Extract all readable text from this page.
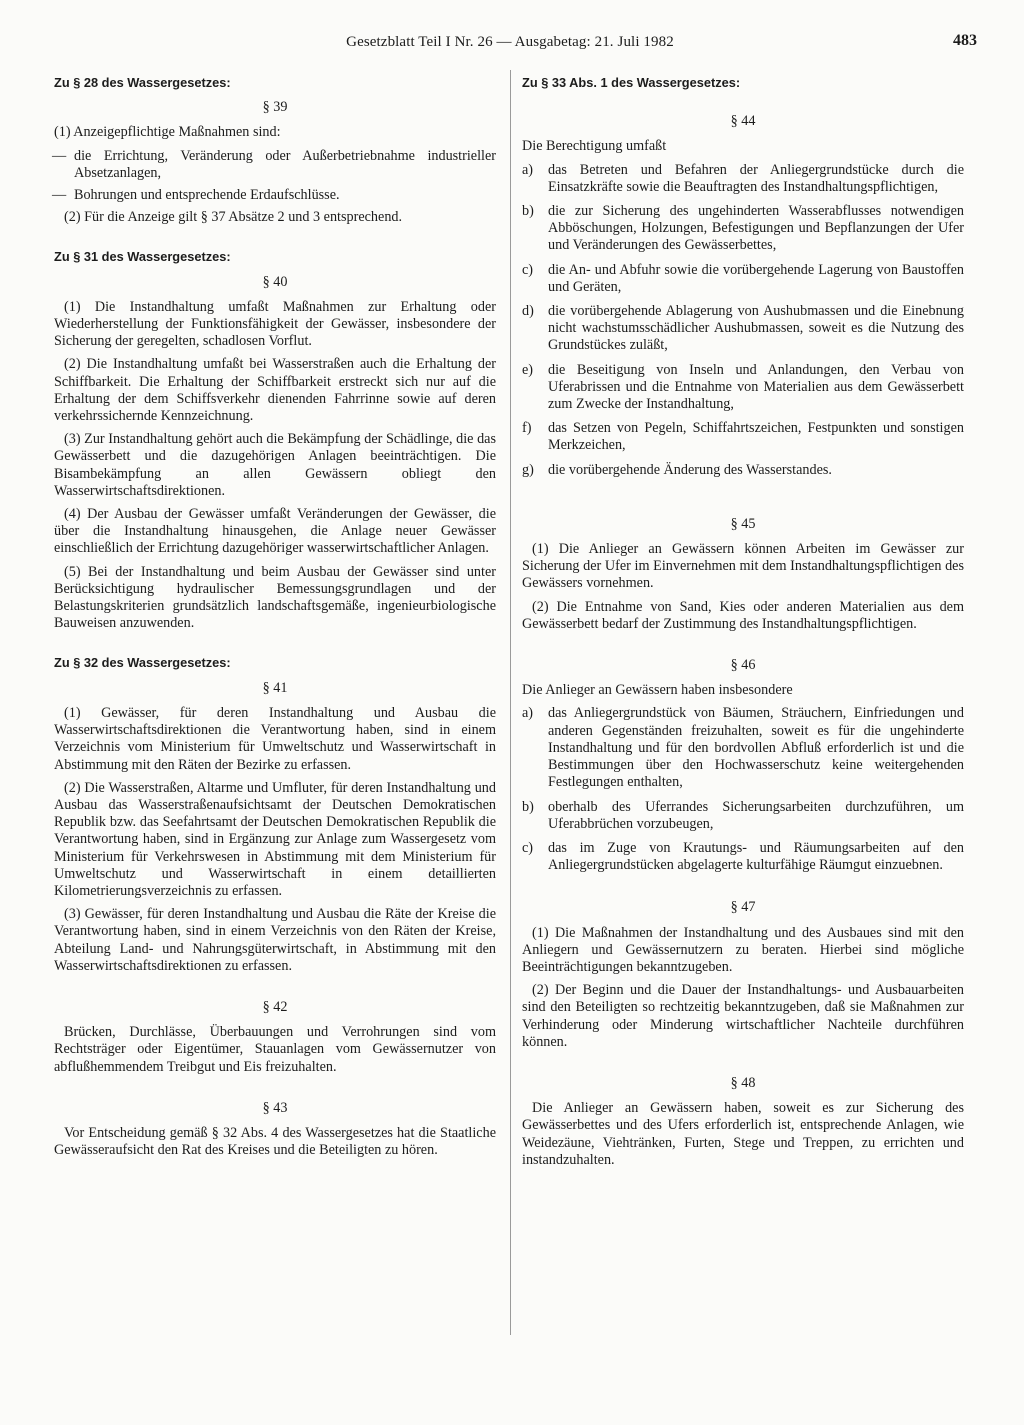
Gesetzblatt Teil I Nr. 26 — Ausgabetag: 21. Juli 1982	483
Zu § 28 des Wassergesetzes:
§ 39
(1) Anzeigepflichtige Maßnahmen sind:
— die Errichtung, Veränderung oder Außerbetriebnahme industrieller Absetzanlagen,
— Bohrungen und entsprechende Erdaufschlüsse.
(2) Für die Anzeige gilt § 37 Absätze 2 und 3 entsprechend.
Zu § 31 des Wassergesetzes:
§ 40
(1) Die Instandhaltung umfaßt Maßnahmen zur Erhaltung oder Wiederherstellung der Funktionsfähigkeit der Gewässer, insbesondere der Sicherung der geregelten, schadlosen Vorflut.
(2) Die Instandhaltung umfaßt bei Wasserstraßen auch die Erhaltung der Schiffbarkeit. Die Erhaltung der Schiffbarkeit erstreckt sich nur auf die Erhaltung der dem Schiffsverkehr dienenden Fahrrinne sowie auf deren verkehrssichernde Kennzeichnung.
(3) Zur Instandhaltung gehört auch die Bekämpfung der Schädlinge, die das Gewässerbett und die dazugehörigen Anlagen beeinträchtigen. Die Bisambekämpfung an allen Gewässern obliegt den Wasserwirtschaftsdirektionen.
(4) Der Ausbau der Gewässer umfaßt Veränderungen der Gewässer, die über die Instandhaltung hinausgehen, die Anlage neuer Gewässer einschließlich der Errichtung dazugehöriger wasserwirtschaftlicher Anlagen.
(5) Bei der Instandhaltung und beim Ausbau der Gewässer sind unter Berücksichtigung hydraulischer Bemessungsgrundlagen und der Belastungskriterien grundsätzlich landschaftsgemäße, ingenieurbiologische Bauweisen anzuwenden.
Zu § 32 des Wassergesetzes:
§ 41
(1) Gewässer, für deren Instandhaltung und Ausbau die Wasserwirtschaftsdirektionen die Verantwortung haben, sind in einem Verzeichnis vom Ministerium für Umweltschutz und Wasserwirtschaft in Abstimmung mit den Räten der Bezirke zu erfassen.
(2) Die Wasserstraßen, Altarme und Umfluter, für deren Instandhaltung und Ausbau das Wasserstraßenaufsichtsamt der Deutschen Demokratischen Republik bzw. das Seefahrtsamt der Deutschen Demokratischen Republik die Verantwortung haben, sind in Ergänzung zur Anlage zum Wassergesetz vom Ministerium für Verkehrswesen in Abstimmung mit dem Ministerium für Umweltschutz und Wasserwirtschaft in einem detaillierten Kilometrierungsverzeichnis zu erfassen.
(3) Gewässer, für deren Instandhaltung und Ausbau die Räte der Kreise die Verantwortung haben, sind in einem Verzeichnis von den Räten der Kreise, Abteilung Land- und Nahrungsgüterwirtschaft, in Abstimmung mit den Wasserwirtschaftsdirektionen zu erfassen.
§ 42
Brücken, Durchlässe, Überbauungen und Verrohrungen sind vom Rechtsträger oder Eigentümer, Stauanlagen vom Gewässernutzer von abflußhemmendem Treibgut und Eis freizuhalten.
§ 43
Vor Entscheidung gemäß § 32 Abs. 4 des Wassergesetzes hat die Staatliche Gewässeraufsicht den Rat des Kreises und die Beteiligten zu hören.
Zu § 33 Abs. 1 des Wassergesetzes:
§ 44
Die Berechtigung umfaßt
a) das Betreten und Befahren der Anliegergrundstücke durch die Einsatzkräfte sowie die Beauftragten des Instandhaltungspflichtigen,
b) die zur Sicherung des ungehinderten Wasserabflusses notwendigen Abböschungen, Holzungen, Befestigungen und Bepflanzungen der Ufer und Veränderungen des Gewässerbettes,
c) die An- und Abfuhr sowie die vorübergehende Lagerung von Baustoffen und Geräten,
d) die vorübergehende Ablagerung von Aushubmassen und die Einebnung nicht wachstumsschädlicher Aushubmassen, soweit es die Nutzung des Grundstückes zuläßt,
e) die Beseitigung von Inseln und Anlandungen, den Verbau von Uferabrissen und die Entnahme von Materialien aus dem Gewässerbett zum Zwecke der Instandhaltung,
f) das Setzen von Pegeln, Schiffahrtszeichen, Festpunkten und sonstigen Merkzeichen,
g) die vorübergehende Änderung des Wasserstandes.
§ 45
(1) Die Anlieger an Gewässern können Arbeiten im Gewässer zur Sicherung der Ufer im Einvernehmen mit dem Instandhaltungspflichtigen des Gewässers vornehmen.
(2) Die Entnahme von Sand, Kies oder anderen Materialien aus dem Gewässerbett bedarf der Zustimmung des Instandhaltungspflichtigen.
§ 46
Die Anlieger an Gewässern haben insbesondere
a) das Anliegergrundstück von Bäumen, Sträuchern, Einfriedungen und anderen Gegenständen freizuhalten, soweit es für die ungehinderte Instandhaltung und für den bordvollen Abfluß erforderlich ist und die Bestimmungen über den Hochwasserschutz keine weitergehenden Festlegungen enthalten,
b) oberhalb des Uferrandes Sicherungsarbeiten durchzuführen, um Uferabbrüchen vorzubeugen,
c) das im Zuge von Krautungs- und Räumungsarbeiten auf den Anliegergrundstücken abgelagerte kulturfähige Räumgut einzuebnen.
§ 47
(1) Die Maßnahmen der Instandhaltung und des Ausbaues sind mit den Anliegern und Gewässernutzern zu beraten. Hierbei sind mögliche Beeinträchtigungen bekanntzugeben.
(2) Der Beginn und die Dauer der Instandhaltungs- und Ausbauarbeiten sind den Beteiligten so rechtzeitig bekanntzugeben, daß sie Maßnahmen zur Verhinderung oder Minderung wirtschaftlicher Nachteile durchführen können.
§ 48
Die Anlieger an Gewässern haben, soweit es zur Sicherung des Gewässerbettes und des Ufers erforderlich ist, entsprechende Anlagen, wie Weidezäune, Viehtränken, Furten, Stege und Treppen, zu errichten und instandzuhalten.
